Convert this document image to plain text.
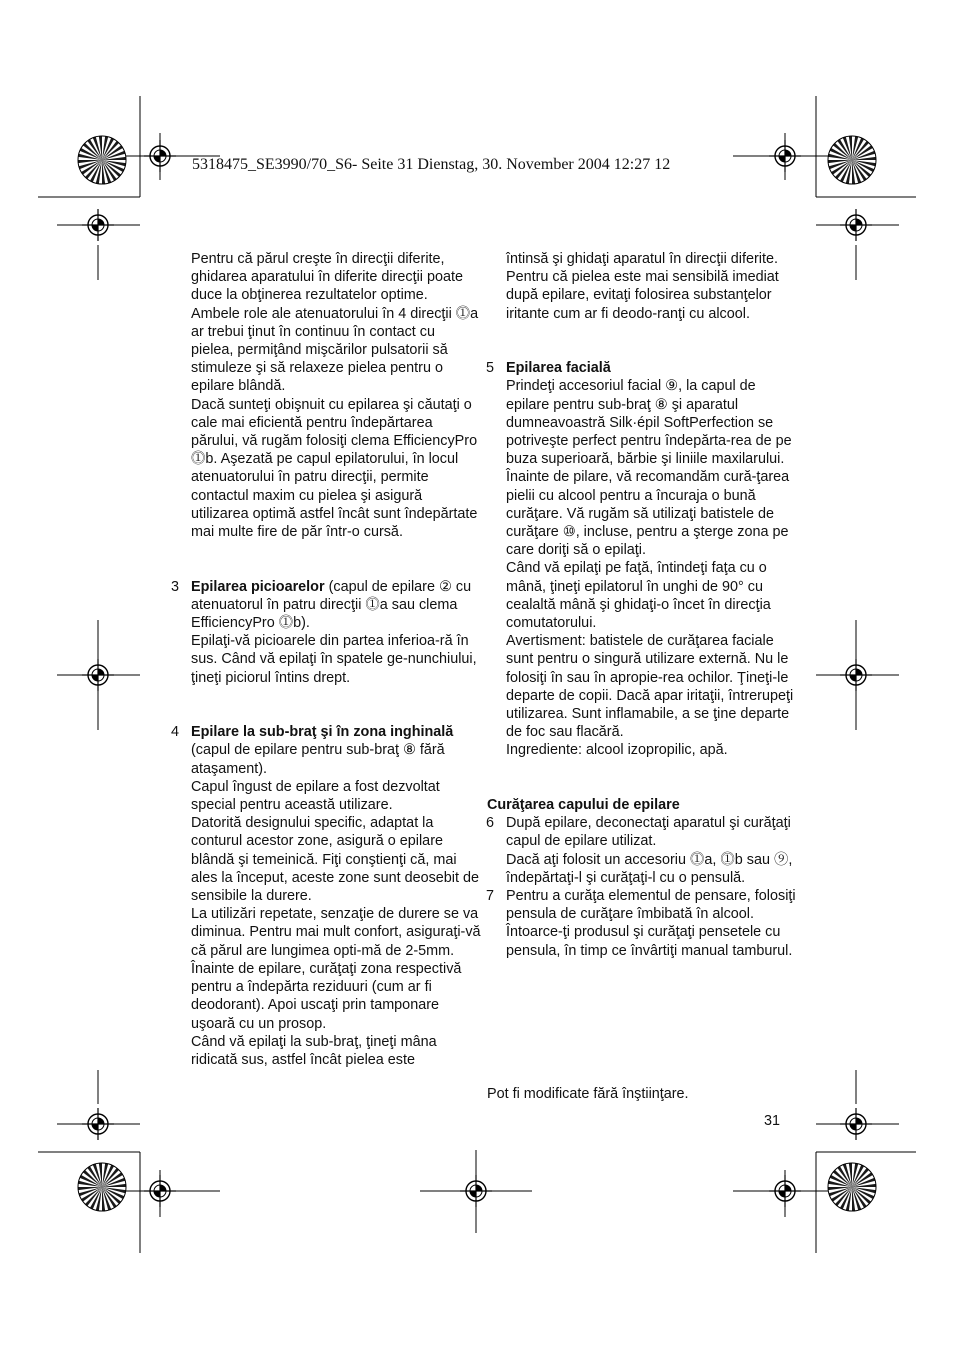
5318475_SE3990/70_S6- Seite 31 Dienstag, 30. November 2004 12:27 12

Pentru că părul creşte în direcţii diferite, ghidarea aparatului în diferite direcţii poate duce la obţinerea rezultatelor optime.

Ambele role ale atenuatorului în 4 direcţii ⓵a ar trebui ţinut în continuu în contact cu pielea, permiţând mişcărilor pulsatorii să stimuleze şi să relaxeze pielea pentru o epilare blândă.

Dacă sunteţi obişnuit cu epilarea şi căutaţi o cale mai eficientă pentru îndepărtarea părului, vă rugăm folosiţi clema EfficiencyPro ⓵b. Aşezată pe capul epilatorului, în locul atenuatorului în patru direcţii, permite contactul maxim cu pielea şi asigură utilizarea optimă astfel încât sunt îndepărtate mai multe fire de păr într-o cursă.

3 Epilarea picioarelor (capul de epilare ② cu atenuatorul în patru direcţii ⓵a sau clema EfficiencyPro ⓵b).

Epilaţi-vă picioarele din partea inferioa-ră în sus. Când vă epilaţi în spatele ge-nunchiului, ţineţi piciorul întins drept.

4 Epilare la sub-braţ şi în zona inghinală (capul de epilare pentru sub-braţ ⑧ fără ataşament).

Capul îngust de epilare a fost dezvoltat special pentru această utilizare.

Datorită designului specific, adaptat la conturul acestor zone, asigură o epilare blândă şi temeinică. Fiţi conştienţi că, mai ales la început, aceste zone sunt deosebit de sensibile la durere.

La utilizări repetate, senzaţie de durere se va diminua. Pentru mai mult confort, asiguraţi-vă că părul are lungimea opti-mă de 2-5mm.

Înainte de epilare, curăţaţi zona respectivă pentru a îndepărta reziduuri (cum ar fi deodorant). Apoi uscaţi prin tamponare uşoară cu un prosop.

Când vă epilaţi la sub-braţ, ţineţi mâna ridicată sus, astfel încât pielea este

întinsă şi ghidaţi aparatul în direcţii diferite.

Pentru că pielea este mai sensibilă imediat după epilare, evitaţi folosirea substanţelor iritante cum ar fi deodo-ranţi cu alcool.

5 Epilarea facială

Prindeţi accesoriul facial ⑨, la capul de epilare pentru sub-braţ ⑧ şi aparatul dumneavoastră Silk·épil SoftPerfection se potriveşte perfect pentru îndepărta-rea de pe buza superioară, bărbie şi liniile maxilarului.

Înainte de pilare, vă recomandăm cură-ţarea pielii cu alcool pentru a încuraja o bună curăţare. Vă rugăm să utilizaţi batistele de curăţare ⑩, incluse, pentru a şterge zona pe care doriţi să o epilaţi.

Când vă epilaţi pe faţă, întindeţi faţa cu o mână, ţineţi epilatorul în unghi de 90° cu cealaltă mână şi ghidaţi-o încet în direcţia comutatorului.

Avertisment: batistele de curăţarea faciale sunt pentru o singură utilizare externă. Nu le folosiţi în sau în apropie-rea ochilor. Ţineţi-le departe de copii. Dacă apar iritaţii, întrerupeţi utilizarea. Sunt inflamabile, a se ţine departe de foc sau flacără.

Ingrediente: alcool izopropilic, apă.

Curăţarea capului de epilare

6 După epilare, deconectaţi aparatul şi curăţaţi capul de epilare utilizat.

Dacă aţi folosit un accesoriu ⓵a, ⓵b sau ⑨, îndepărtaţi-l şi curăţaţi-l cu o pensulă.

7 Pentru a curăţa elementul de pensare, folosiţi pensula de curăţare îmbibată în alcool. Întoarce-ţi produsul şi curăţaţi pensetele cu pensula, în timp ce învârtiţi manual tamburul.

Pot fi modificate fără înştiinţare.
31
